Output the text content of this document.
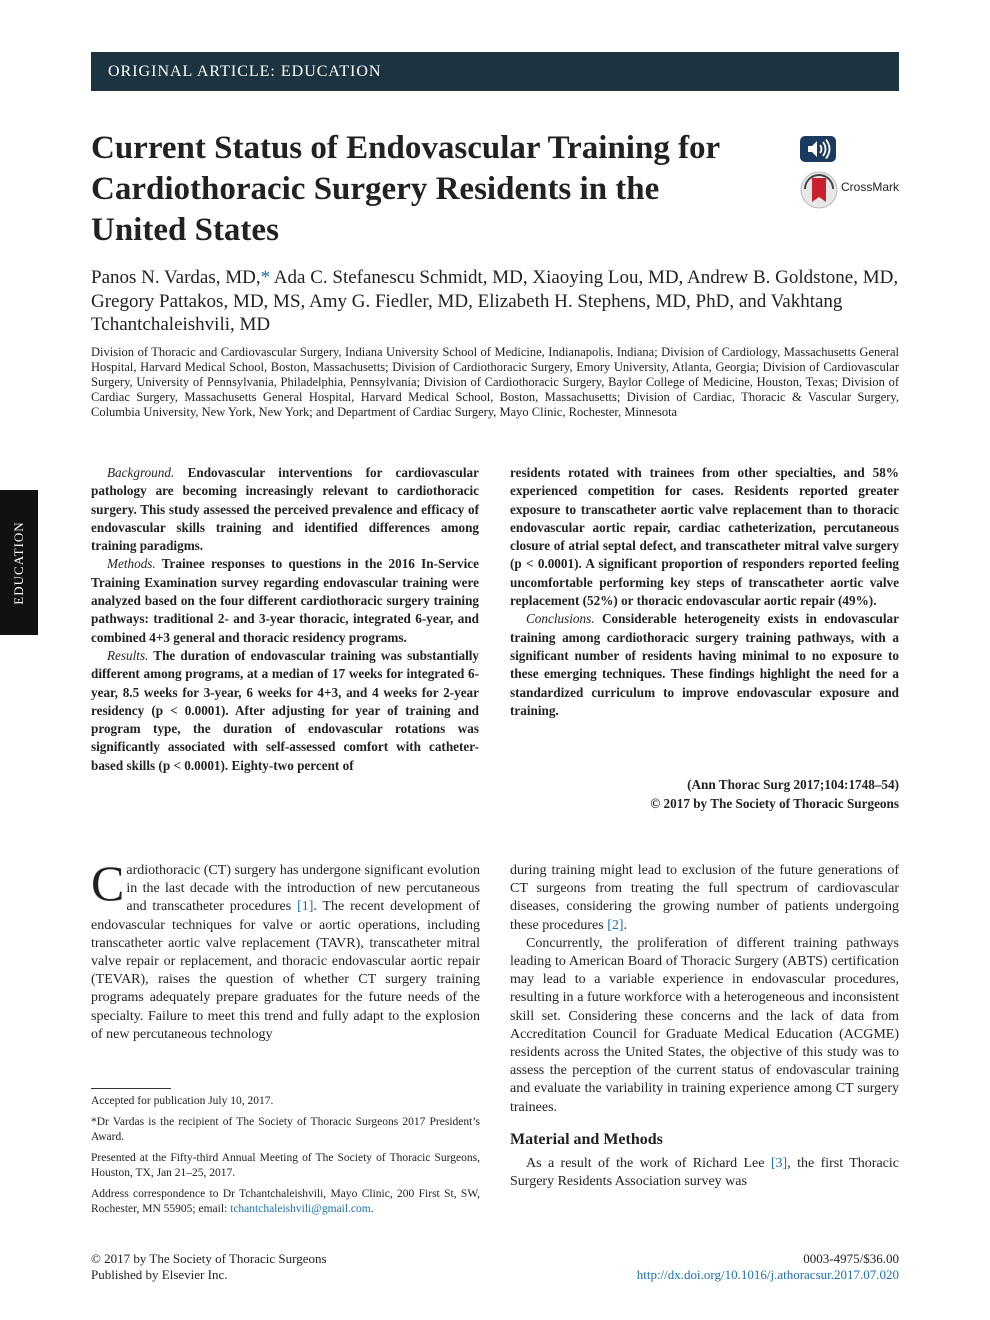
ORIGINAL ARTICLE: EDUCATION
EDUCATION
Current Status of Endovascular Training for Cardiothoracic Surgery Residents in the United States
CrossMark
Panos N. Vardas, MD,* Ada C. Stefanescu Schmidt, MD, Xiaoying Lou, MD, Andrew B. Goldstone, MD, Gregory Pattakos, MD, MS, Amy G. Fiedler, MD, Elizabeth H. Stephens, MD, PhD, and Vakhtang Tchantchaleishvili, MD
Division of Thoracic and Cardiovascular Surgery, Indiana University School of Medicine, Indianapolis, Indiana; Division of Cardiology, Massachusetts General Hospital, Harvard Medical School, Boston, Massachusetts; Division of Cardiothoracic Surgery, Emory University, Atlanta, Georgia; Division of Cardiovascular Surgery, University of Pennsylvania, Philadelphia, Pennsylvania; Division of Cardiothoracic Surgery, Baylor College of Medicine, Houston, Texas; Division of Cardiac Surgery, Massachusetts General Hospital, Harvard Medical School, Boston, Massachusetts; Division of Cardiac, Thoracic & Vascular Surgery, Columbia University, New York, New York; and Department of Cardiac Surgery, Mayo Clinic, Rochester, Minnesota

Background. Endovascular interventions for cardiovascular pathology are becoming increasingly relevant to cardiothoracic surgery. This study assessed the perceived prevalence and efficacy of endovascular skills training and identified differences among training paradigms.

Methods. Trainee responses to questions in the 2016 In-Service Training Examination survey regarding endovascular training were analyzed based on the four different cardiothoracic surgery training pathways: traditional 2- and 3-year thoracic, integrated 6-year, and combined 4+3 general and thoracic residency programs.

Results. The duration of endovascular training was substantially different among programs, at a median of 17 weeks for integrated 6-year, 8.5 weeks for 3-year, 6 weeks for 4+3, and 4 weeks for 2-year residency (p < 0.0001). After adjusting for year of training and program type, the duration of endovascular rotations was significantly associated with self-assessed comfort with catheter-based skills (p < 0.0001). Eighty-two percent of

residents rotated with trainees from other specialties, and 58% experienced competition for cases. Residents reported greater exposure to transcatheter aortic valve replacement than to thoracic endovascular aortic repair, cardiac catheterization, percutaneous closure of atrial septal defect, and transcatheter mitral valve surgery (p < 0.0001). A significant proportion of responders reported feeling uncomfortable performing key steps of transcatheter aortic valve replacement (52%) or thoracic endovascular aortic repair (49%).

Conclusions. Considerable heterogeneity exists in endovascular training among cardiothoracic surgery training pathways, with a significant number of residents having minimal to no exposure to these emerging techniques. These findings highlight the need for a standardized curriculum to improve endovascular exposure and training.

(Ann Thorac Surg 2017;104:1748–54)
© 2017 by The Society of Thoracic Surgeons

Cardiothoracic (CT) surgery has undergone significant evolution in the last decade with the introduction of new percutaneous and transcatheter procedures [1]. The recent development of endovascular techniques for valve or aortic operations, including transcatheter aortic valve replacement (TAVR), transcatheter mitral valve repair or replacement, and thoracic endovascular aortic repair (TEVAR), raises the question of whether CT surgery training programs adequately prepare graduates for the future needs of the specialty. Failure to meet this trend and fully adapt to the explosion of new percutaneous technology

during training might lead to exclusion of the future generations of CT surgeons from treating the full spectrum of cardiovascular diseases, considering the growing number of patients undergoing these procedures [2].

Concurrently, the proliferation of different training pathways leading to American Board of Thoracic Surgery (ABTS) certification may lead to a variable experience in endovascular procedures, resulting in a future workforce with a heterogeneous and inconsistent skill set. Considering these concerns and the lack of data from Accreditation Council for Graduate Medical Education (ACGME) residents across the United States, the objective of this study was to assess the perception of the current status of endovascular training and evaluate the variability in training experience among CT surgery trainees.

Material and Methods

As a result of the work of Richard Lee [3], the first Thoracic Surgery Residents Association survey was

Accepted for publication July 10, 2017.

*Dr Vardas is the recipient of The Society of Thoracic Surgeons 2017 President’s Award.

Presented at the Fifty-third Annual Meeting of The Society of Thoracic Surgeons, Houston, TX, Jan 21–25, 2017.

Address correspondence to Dr Tchantchaleishvili, Mayo Clinic, 200 First St, SW, Rochester, MN 55905; email: tchantchaleishvili@gmail.com.

© 2017 by The Society of Thoracic Surgeons
Published by Elsevier Inc.
0003-4975/$36.00
http://dx.doi.org/10.1016/j.athoracsur.2017.07.020
